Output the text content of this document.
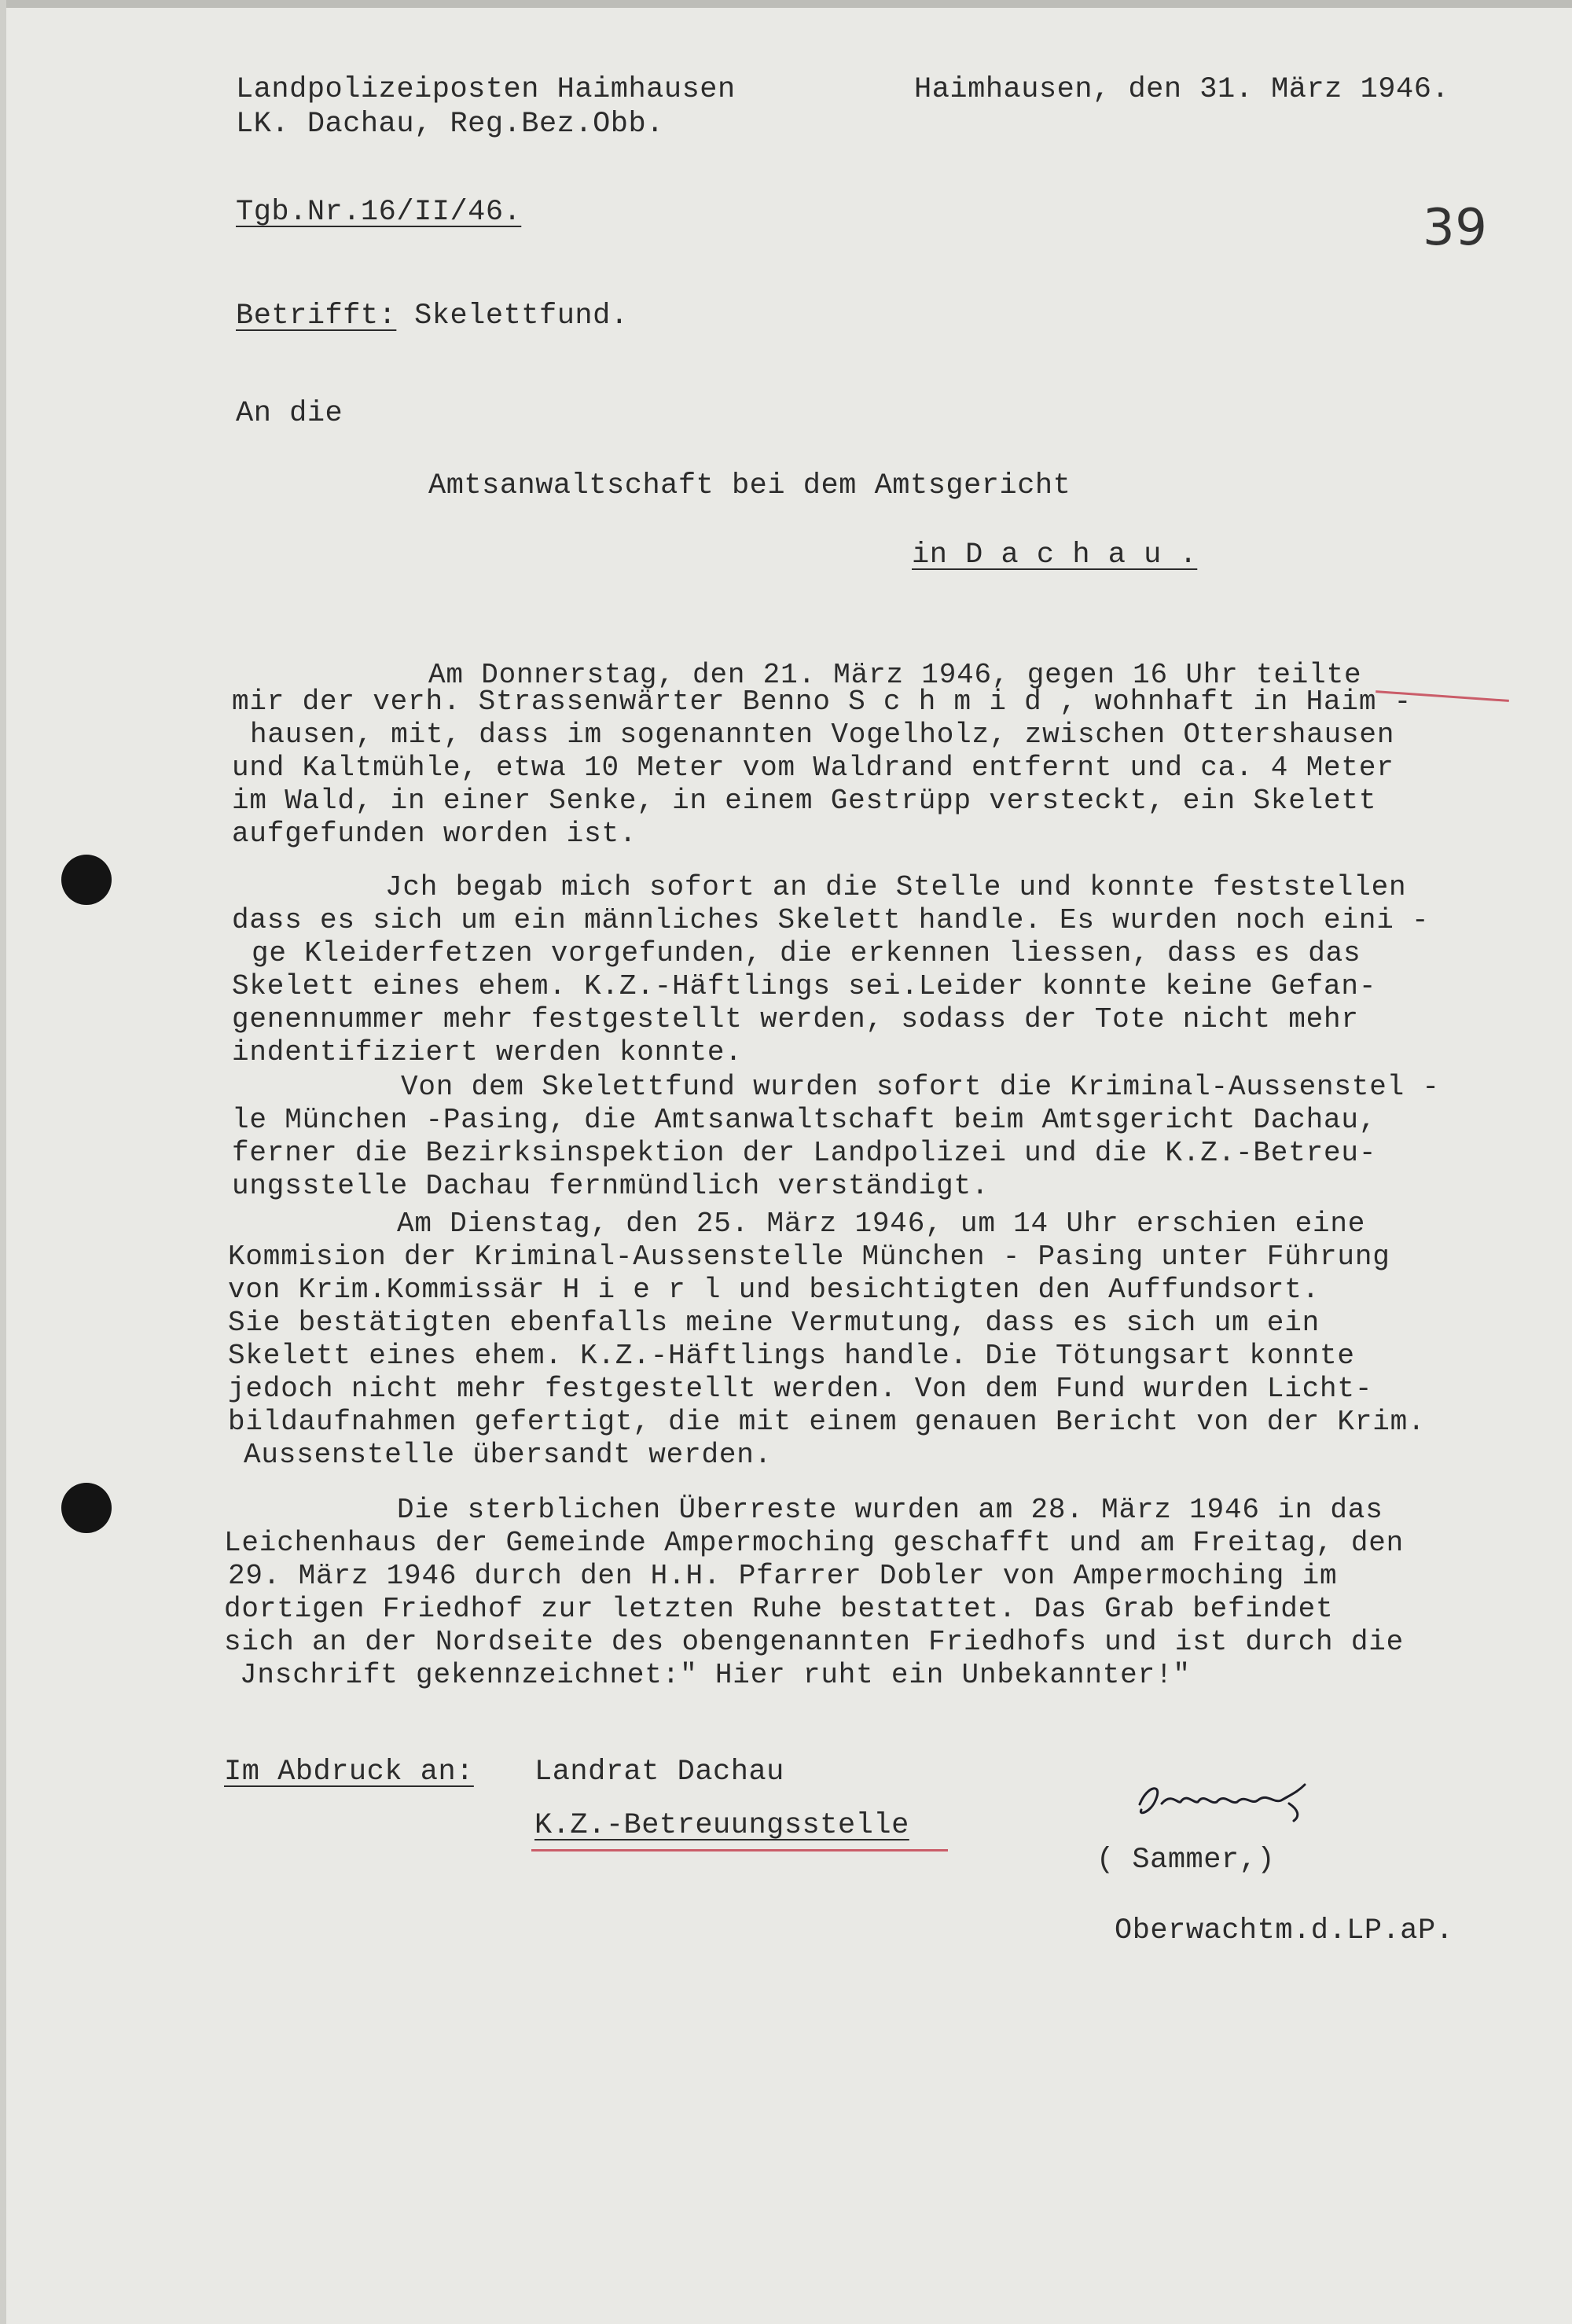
Landpolizeiposten Haimhausen
LK. Dachau, Reg.Bez.Obb.
Haimhausen, den 31. März 1946.
Tgb.Nr.16/II/46.	39
Betrifft: Skelettfund.
An die
Amtsanwaltschaft bei dem Amtsgericht
in D a c h a u .
Am Donnerstag, den 21. März 1946, gegen 16 Uhr teilte
mir der verh. Strassenwärter Benno S c h m i d , wohnhaft in Haim -
hausen, mit, dass im sogenannten Vogelholz, zwischen Ottershausen
und Kaltmühle, etwa 10 Meter vom Waldrand entfernt und ca. 4 Meter
im Wald, in einer Senke, in einem Gestrüpp versteckt, ein Skelett
aufgefunden worden ist.
Jch begab mich sofort an die Stelle und konnte feststellen
dass es sich um ein männliches Skelett handle. Es wurden noch eini -
ge Kleiderfetzen vorgefunden, die erkennen liessen, dass es das
Skelett eines ehem. K.Z.-Häftlings sei.Leider konnte keine Gefan-
genennummer mehr festgestellt werden, sodass der Tote nicht mehr
indentifiziert werden konnte.
Von dem Skelettfund wurden sofort die Kriminal-Aussenstel -
le München -Pasing, die Amtsanwaltschaft beim Amtsgericht Dachau,
ferner die Bezirksinspektion der Landpolizei und die K.Z.-Betreu-
ungsstelle Dachau fernmündlich verständigt.
Am Dienstag, den 25. März 1946, um 14 Uhr erschien eine
Kommision der Kriminal-Aussenstelle München - Pasing unter Führung
von Krim.Kommissär H i e r l und besichtigten den Auffundsort.
Sie bestätigten ebenfalls meine Vermutung, dass es sich um ein
Skelett eines ehem. K.Z.-Häftlings handle. Die Tötungsart konnte
jedoch nicht mehr festgestellt werden. Von dem Fund wurden Licht-
bildaufnahmen gefertigt, die mit einem genauen Bericht von der Krim.
Aussenstelle übersandt werden.
Die sterblichen Überreste wurden am 28. März 1946 in das
Leichenhaus der Gemeinde Ampermoching geschafft und am Freitag, den
29. März 1946 durch den H.H. Pfarrer Dobler von Ampermoching im
dortigen Friedhof zur letzten Ruhe bestattet. Das Grab befindet
sich an der Nordseite des obengenannten Friedhofs und ist durch die
Jnschrift gekennzeichnet:" Hier ruht ein Unbekannter!"
Im Abdruck an: Landrat Dachau
K.Z.-Betreuungsstelle	Sammer
( Sammer,)
Oberwachtm.d.LP.aP.
